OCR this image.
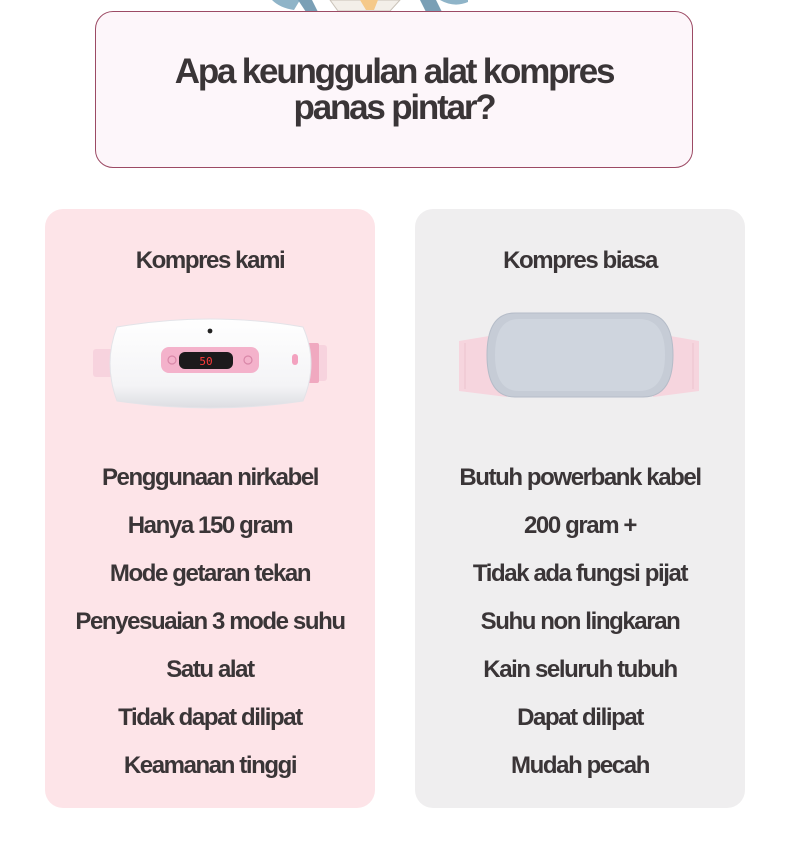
Apa keunggulan alat kompres
panas pintar?
Kompres kami
50
Penggunaan nirkabel
Hanya 150 gram
Mode getaran tekan
Penyesuaian 3 mode suhu
Satu alat
Tidak dapat dilipat
Keamanan tinggi
Kompres biasa
Butuh powerbank kabel
200 gram +
Tidak ada fungsi pijat
Suhu non lingkaran
Kain seluruh tubuh
Dapat dilipat
Mudah pecah
